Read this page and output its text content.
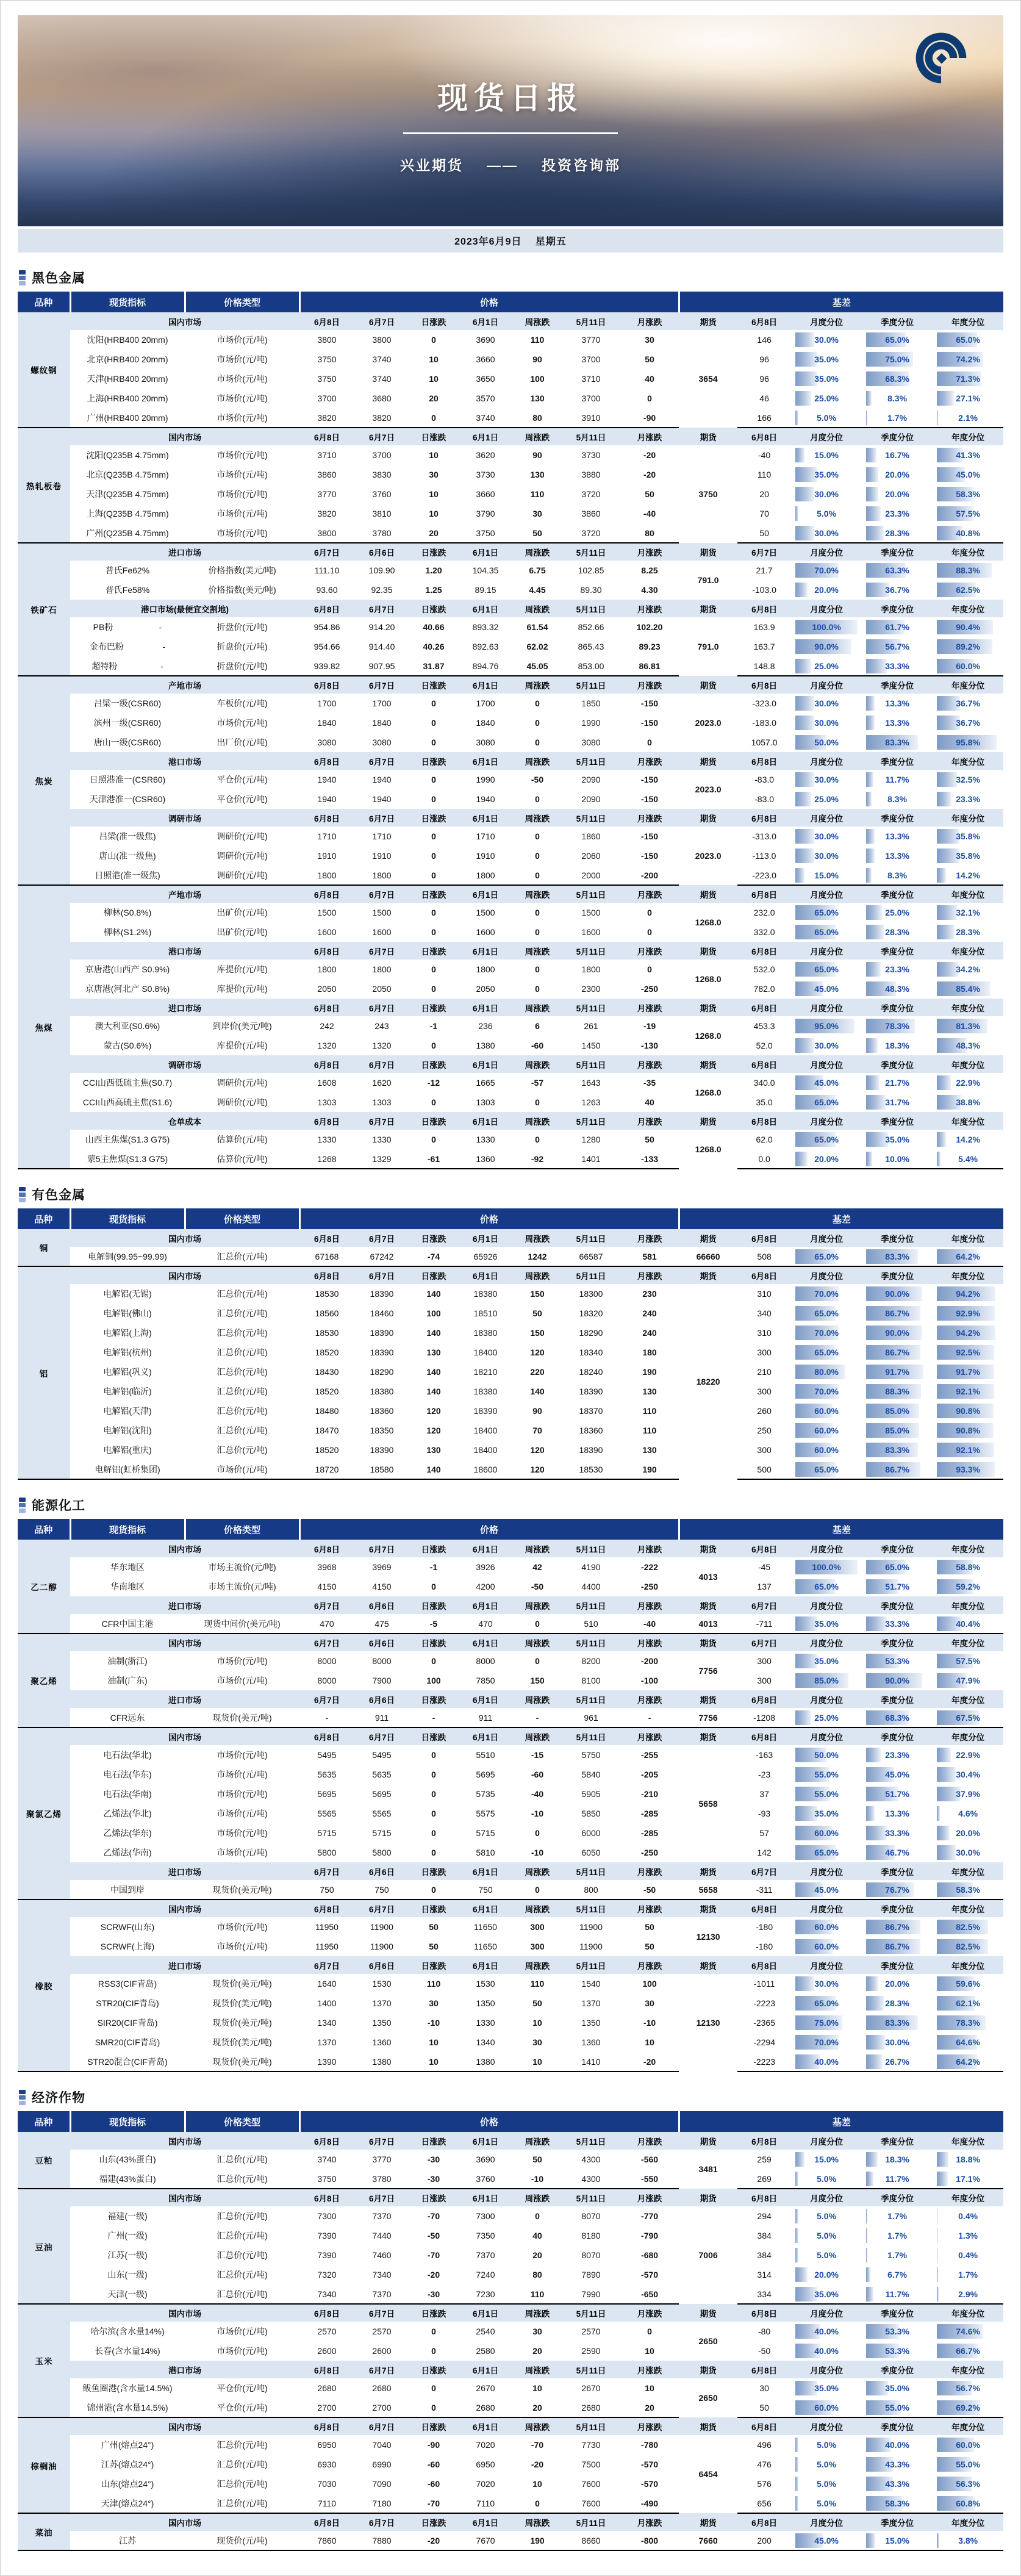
现货日报
兴业期货 —— 投资咨询部
2023年6月9日　 星期五
黑色金属
品种	现货指标	价格类型	价格							基差				
螺纹钢	国内市场		6月8日	6月7日	日涨跌	6月1日	周涨跌	5月11日	月涨跌	期货	6月8日	月度分位	季度分位	年度分位
	沈阳(HRB400 20mm)	市场价(元/吨)	3800	3800	0	3690	110	3770	30	3654	146	30.0%	65.0%	65.0%

	北京(HRB400 20mm)	市场价(元/吨)	3750	3740	10	3660	90	3700	50		96	35.0%	75.0%	74.2%

	天津(HRB400 20mm)	市场价(元/吨)	3750	3740	10	3650	100	3710	40		96	35.0%	68.3%	71.3%

	上海(HRB400 20mm)	市场价(元/吨)	3700	3680	20	3570	130	3700	0		46	25.0%	8.3%	27.1%

	广州(HRB400 20mm)	市场价(元/吨)	3820	3820	0	3740	80	3910	-90		166	5.0%	1.7%	2.1%

热轧板卷	国内市场		6月8日	6月7日	日涨跌	6月1日	周涨跌	5月11日	月涨跌	期货	6月8日	月度分位	季度分位	年度分位
	沈阳(Q235B 4.75mm)	市场价(元/吨)	3710	3700	10	3620	90	3730	-20	3750	-40	15.0%	16.7%	41.3%

	北京(Q235B 4.75mm)	市场价(元/吨)	3860	3830	30	3730	130	3880	-20		110	35.0%	20.0%	45.0%

	天津(Q235B 4.75mm)	市场价(元/吨)	3770	3760	10	3660	110	3720	50		20	30.0%	20.0%	58.3%

	上海(Q235B 4.75mm)	市场价(元/吨)	3820	3810	10	3790	30	3860	-40		70	5.0%	23.3%	57.5%

	广州(Q235B 4.75mm)	市场价(元/吨)	3800	3780	20	3750	50	3720	80		50	30.0%	28.3%	40.8%

铁矿石	进口市场		6月7日	6月6日	日涨跌	6月1日	周涨跌	5月11日	月涨跌	期货	6月7日	月度分位	季度分位	年度分位
	普氏Fe62%	价格指数(美元/吨)	111.10	109.90	1.20	104.35	6.75	102.85	8.25	791.0	21.7	70.0%	63.3%	88.3%

	普氏Fe58%	价格指数(美元/吨)	93.60	92.35	1.25	89.15	4.45	89.30	4.30		-103.0	20.0%	36.7%	62.5%

	港口市场(最便宜交割地)		6月8日	6月7日	日涨跌	6月1日	周涨跌	5月11日	月涨跌	期货	6月8日	月度分位	季度分位	年度分位

	PB粉 -	折盘价(元/吨)	954.86	914.20	40.66	893.32	61.54	852.66	102.20	791.0	163.9	100.0%	61.7%	90.4%

	金布巴粉 -	折盘价(元/吨)	954.66	914.40	40.26	892.63	62.02	865.43	89.23		163.7	90.0%	56.7%	89.2%

	超特粉 -	折盘价(元/吨)	939.82	907.95	31.87	894.76	45.05	853.00	86.81		148.8	25.0%	33.3%	60.0%

焦炭	产地市场		6月8日	6月7日	日涨跌	6月1日	周涨跌	5月11日	月涨跌	期货	6月8日	月度分位	季度分位	年度分位
	吕梁一级(CSR60)	车板价(元/吨)	1700	1700	0	1700	0	1850	-150	2023.0	-323.0	30.0%	13.3%	36.7%

	滨州一级(CSR60)	市场价(元/吨)	1840	1840	0	1840	0	1990	-150		-183.0	30.0%	13.3%	36.7%

	唐山一级(CSR60)	出厂价(元/吨)	3080	3080	0	3080	0	3080	0		1057.0	50.0%	83.3%	95.8%

	港口市场		6月8日	6月7日	日涨跌	6月1日	周涨跌	5月11日	月涨跌	期货	6月8日	月度分位	季度分位	年度分位
	日照港准一(CSR60)	平仓价(元/吨)	1940	1940	0	1990	-50	2090	-150	2023.0	-83.0	30.0%	11.7%	32.5%

	天津港准一(CSR60)	平仓价(元/吨)	1940	1940	0	1940	0	2090	-150		-83.0	25.0%	8.3%	23.3%

	调研市场		6月8日	6月7日	日涨跌	6月1日	周涨跌	5月11日	月涨跌	期货	6月8日	月度分位	季度分位	年度分位
	吕梁(准一级焦)	调研价(元/吨)	1710	1710	0	1710	0	1860	-150	2023.0	-313.0	30.0%	13.3%	35.8%

	唐山(准一级焦)	调研价(元/吨)	1910	1910	0	1910	0	2060	-150		-113.0	30.0%	13.3%	35.8%

	日照港(准一级焦)	调研价(元/吨)	1800	1800	0	1800	0	2000	-200		-223.0	15.0%	8.3%	14.2%

焦煤	产地市场		6月8日	6月7日	日涨跌	6月1日	周涨跌	5月11日	月涨跌	期货	6月8日	月度分位	季度分位	年度分位
	柳林(S0.8%)	出矿价(元/吨)	1500	1500	0	1500	0	1500	0	1268.0	232.0	65.0%	25.0%	32.1%

	柳林(S1.2%)	出矿价(元/吨)	1600	1600	0	1600	0	1600	0		332.0	65.0%	28.3%	28.3%

	港口市场		6月8日	6月7日	日涨跌	6月1日	周涨跌	5月11日	月涨跌	期货	6月8日	月度分位	季度分位	年度分位
	京唐港(山西产 S0.9%)	库提价(元/吨)	1800	1800	0	1800	0	1800	0	1268.0	532.0	65.0%	23.3%	34.2%

	京唐港(河北产 S0.8%)	库提价(元/吨)	2050	2050	0	2050	0	2300	-250		782.0	45.0%	48.3%	85.4%

	进口市场		6月8日	6月7日	日涨跌	6月1日	周涨跌	5月11日	月涨跌	期货	6月8日	月度分位	季度分位	年度分位
	澳大利亚(S0.6%)	到岸价(美元/吨)	242	243	-1	236	6	261	-19	1268.0	453.3	95.0%	78.3%	81.3%

	蒙古(S0.6%)	库提价(元/吨)	1320	1320	0	1380	-60	1450	-130		52.0	30.0%	18.3%	48.3%

	调研市场		6月8日	6月7日	日涨跌	6月1日	周涨跌	5月11日	月涨跌	期货	6月8日	月度分位	季度分位	年度分位
	CCI山西低硫主焦(S0.7)	调研价(元/吨)	1608	1620	-12	1665	-57	1643	-35	1268.0	340.0	45.0%	21.7%	22.9%

	CCI山西高硫主焦(S1.6)	调研价(元/吨)	1303	1303	0	1303	0	1263	40		35.0	65.0%	31.7%	38.8%

	仓单成本		6月8日	6月7日	日涨跌	6月1日	周涨跌	5月11日	月涨跌	期货	6月8日	月度分位	季度分位	年度分位
	山西主焦煤(S1.3 G75)	估算价(元/吨)	1330	1330	0	1330	0	1280	50	1268.0	62.0	65.0%	35.0%	14.2%

	蒙5主焦煤(S1.3 G75)	估算价(元/吨)	1268	1329	-61	1360	-92	1401	-133		0.0	20.0%	10.0%	5.4%
有色金属
品种	现货指标	价格类型	价格							基差				
铜	国内市场		6月8日	6月7日	日涨跌	6月1日	周涨跌	5月11日	月涨跌	期货	6月8日	月度分位	季度分位	年度分位
	电解铜(99.95~99.99)	汇总价(元/吨)	67168	67242	-74	65926	1242	66587	581	66660	508	65.0%	83.3%	64.2%

铝	国内市场		6月8日	6月7日	日涨跌	6月1日	周涨跌	5月11日	月涨跌	期货	6月8日	月度分位	季度分位	年度分位
	电解铝(无锡)	汇总价(元/吨)	18530	18390	140	18380	150	18300	230	18220	310	70.0%	90.0%	94.2%

	电解铝(佛山)	汇总价(元/吨)	18560	18460	100	18510	50	18320	240		340	65.0%	86.7%	92.9%

	电解铝(上海)	汇总价(元/吨)	18530	18390	140	18380	150	18290	240		310	70.0%	90.0%	94.2%

	电解铝(杭州)	汇总价(元/吨)	18520	18390	130	18400	120	18340	180		300	65.0%	86.7%	92.5%

	电解铝(巩义)	汇总价(元/吨)	18430	18290	140	18210	220	18240	190		210	80.0%	91.7%	91.7%

	电解铝(临沂)	汇总价(元/吨)	18520	18380	140	18380	140	18390	130		300	70.0%	88.3%	92.1%

	电解铝(天津)	汇总价(元/吨)	18480	18360	120	18390	90	18370	110		260	60.0%	85.0%	90.8%

	电解铝(沈阳)	汇总价(元/吨)	18470	18350	120	18400	70	18360	110		250	60.0%	85.0%	90.8%

	电解铝(重庆)	汇总价(元/吨)	18520	18390	130	18400	120	18390	130		300	60.0%	83.3%	92.1%

	电解铝(虹桥集团)	市场价(元/吨)	18720	18580	140	18600	120	18530	190		500	65.0%	86.7%	93.3%
能源化工
品种	现货指标	价格类型	价格							基差				
乙二醇	国内市场		6月8日	6月7日	日涨跌	6月1日	周涨跌	5月11日	月涨跌	期货	6月8日	月度分位	季度分位	年度分位
	华东地区	市场主流价(元/吨)	3968	3969	-1	3926	42	4190	-222	4013	-45	100.0%	65.0%	58.8%

	华南地区	市场主流价(元/吨)	4150	4150	0	4200	-50	4400	-250		137	65.0%	51.7%	59.2%

	进口市场		6月7日	6月6日	日涨跌	6月1日	周涨跌	5月11日	月涨跌	期货	6月7日	月度分位	季度分位	年度分位
	CFR中国主港	现货中间价(美元/吨)	470	475	-5	470	0	510	-40	4013	-711	35.0%	33.3%	40.4%

聚乙烯	国内市场		6月7日	6月6日	日涨跌	6月1日	周涨跌	5月11日	月涨跌	期货	6月7日	月度分位	季度分位	年度分位
	油制(浙江)	市场价(元/吨)	8000	8000	0	8000	0	8200	-200	7756	300	35.0%	53.3%	57.5%

	油制(广东)	市场价(元/吨)	8000	7900	100	7850	150	8100	-100		300	85.0%	90.0%	47.9%

	进口市场		6月7日	6月6日	日涨跌	6月1日	周涨跌	5月11日	月涨跌	期货	6月8日	月度分位	季度分位	年度分位
	CFR远东	现货价(美元/吨)	-	911	-	911	-	961	-	7756	-1208	25.0%	68.3%	67.5%

聚氯乙烯	国内市场		6月8日	6月7日	日涨跌	6月1日	周涨跌	5月11日	月涨跌	期货	6月8日	月度分位	季度分位	年度分位
	电石法(华北)	市场价(元/吨)	5495	5495	0	5510	-15	5750	-255	5658	-163	50.0%	23.3%	22.9%

	电石法(华东)	市场价(元/吨)	5635	5635	0	5695	-60	5840	-205		-23	55.0%	45.0%	30.4%

	电石法(华南)	市场价(元/吨)	5695	5695	0	5735	-40	5905	-210		37	55.0%	51.7%	37.9%

	乙烯法(华北)	市场价(元/吨)	5565	5565	0	5575	-10	5850	-285		-93	35.0%	13.3%	4.6%

	乙烯法(华东)	市场价(元/吨)	5715	5715	0	5715	0	6000	-285		57	60.0%	33.3%	20.0%

	乙烯法(华南)	市场价(元/吨)	5800	5800	0	5810	-10	6050	-250		142	65.0%	46.7%	30.0%

	进口市场		6月7日	6月6日	日涨跌	6月1日	周涨跌	5月11日	月涨跌	期货	6月7日	月度分位	季度分位	年度分位
	中国到岸	现货价(美元/吨)	750	750	0	750	0	800	-50	5658	-311	45.0%	76.7%	58.3%

橡胶	国内市场		6月8日	6月7日	日涨跌	6月1日	周涨跌	5月11日	月涨跌	期货	6月8日	月度分位	季度分位	年度分位
	SCRWF(山东)	市场价(元/吨)	11950	11900	50	11650	300	11900	50	12130	-180	60.0%	86.7%	82.5%

	SCRWF(上海)	市场价(元/吨)	11950	11900	50	11650	300	11900	50		-180	60.0%	86.7%	82.5%

	进口市场		6月7日	6月6日	日涨跌	6月1日	周涨跌	5月11日	月涨跌	期货	6月8日	月度分位	季度分位	年度分位
	RSS3(CIF青岛)	现货价(美元/吨)	1640	1530	110	1530	110	1540	100	12130	-1011	30.0%	20.0%	59.6%

	STR20(CIF青岛)	现货价(美元/吨)	1400	1370	30	1350	50	1370	30		-2223	65.0%	28.3%	62.1%

	SIR20(CIF青岛)	现货价(美元/吨)	1340	1350	-10	1330	10	1350	-10		-2365	75.0%	83.3%	78.3%

	SMR20(CIF青岛)	现货价(美元/吨)	1370	1360	10	1340	30	1360	10		-2294	70.0%	30.0%	64.6%

	STR20混合(CIF青岛)	现货价(美元/吨)	1390	1380	10	1380	10	1410	-20		-2223	40.0%	26.7%	64.2%
经济作物
品种	现货指标	价格类型	价格							基差				
豆粕	国内市场		6月8日	6月7日	日涨跌	6月1日	周涨跌	5月11日	月涨跌	期货	6月8日	月度分位	季度分位	年度分位
	山东(43%蛋白)	汇总价(元/吨)	3740	3770	-30	3690	50	4300	-560	3481	259	15.0%	18.3%	18.8%

	福建(43%蛋白)	汇总价(元/吨)	3750	3780	-30	3760	-10	4300	-550		269	5.0%	11.7%	17.1%

豆油	国内市场		6月8日	6月7日	日涨跌	6月1日	周涨跌	5月11日	月涨跌	期货	6月8日	月度分位	季度分位	年度分位
	福建(一级)	汇总价(元/吨)	7300	7370	-70	7300	0	8070	-770	7006	294	5.0%	1.7%	0.4%

	广州(一级)	汇总价(元/吨)	7390	7440	-50	7350	40	8180	-790		384	5.0%	1.7%	1.3%

	江苏(一级)	汇总价(元/吨)	7390	7460	-70	7370	20	8070	-680		384	5.0%	1.7%	0.4%

	山东(一级)	汇总价(元/吨)	7320	7340	-20	7240	80	7890	-570		314	20.0%	6.7%	1.7%

	天津(一级)	汇总价(元/吨)	7340	7370	-30	7230	110	7990	-650		334	35.0%	11.7%	2.9%

玉米	国内市场		6月8日	6月7日	日涨跌	6月1日	周涨跌	5月11日	月涨跌	期货	6月8日	月度分位	季度分位	年度分位
	哈尔滨(含水量14%)	市场价(元/吨)	2570	2570	0	2540	30	2570	0	2650	-80	40.0%	53.3%	74.6%

	长春(含水量14%)	市场价(元/吨)	2600	2600	0	2580	20	2590	10		-50	40.0%	53.3%	66.7%

	港口市场		6月8日	6月7日	日涨跌	6月1日	周涨跌	5月11日	月涨跌	期货	6月8日	月度分位	季度分位	年度分位
	鲅鱼圈港(含水量14.5%)	平仓价(元/吨)	2680	2680	0	2670	10	2670	10	2650	30	35.0%	35.0%	56.7%

	锦州港(含水量14.5%)	平仓价(元/吨)	2700	2700	0	2680	20	2680	20		50	60.0%	55.0%	69.2%

棕榈油	国内市场		6月8日	6月7日	日涨跌	6月1日	周涨跌	5月11日	月涨跌	期货	6月8日	月度分位	季度分位	年度分位
	广州(熔点24°)	汇总价(元/吨)	6950	7040	-90	7020	-70	7730	-780	6454	496	5.0%	40.0%	60.0%

	江苏(熔点24°)	汇总价(元/吨)	6930	6990	-60	6950	-20	7500	-570		476	5.0%	43.3%	55.0%

	山东(熔点24°)	汇总价(元/吨)	7030	7090	-60	7020	10	7600	-570		576	5.0%	43.3%	56.3%

	天津(熔点24°)	汇总价(元/吨)	7110	7180	-70	7110	0	7600	-490		656	5.0%	58.3%	60.8%

菜油	国内市场		6月8日	6月7日	日涨跌	6月1日	周涨跌	5月11日	月涨跌	期货	6月8日	月度分位	季度分位	年度分位
	江苏	现货价(元/吨)	7860	7880	-20	7670	190	8660	-800	7660	200	45.0%	15.0%	3.8%
